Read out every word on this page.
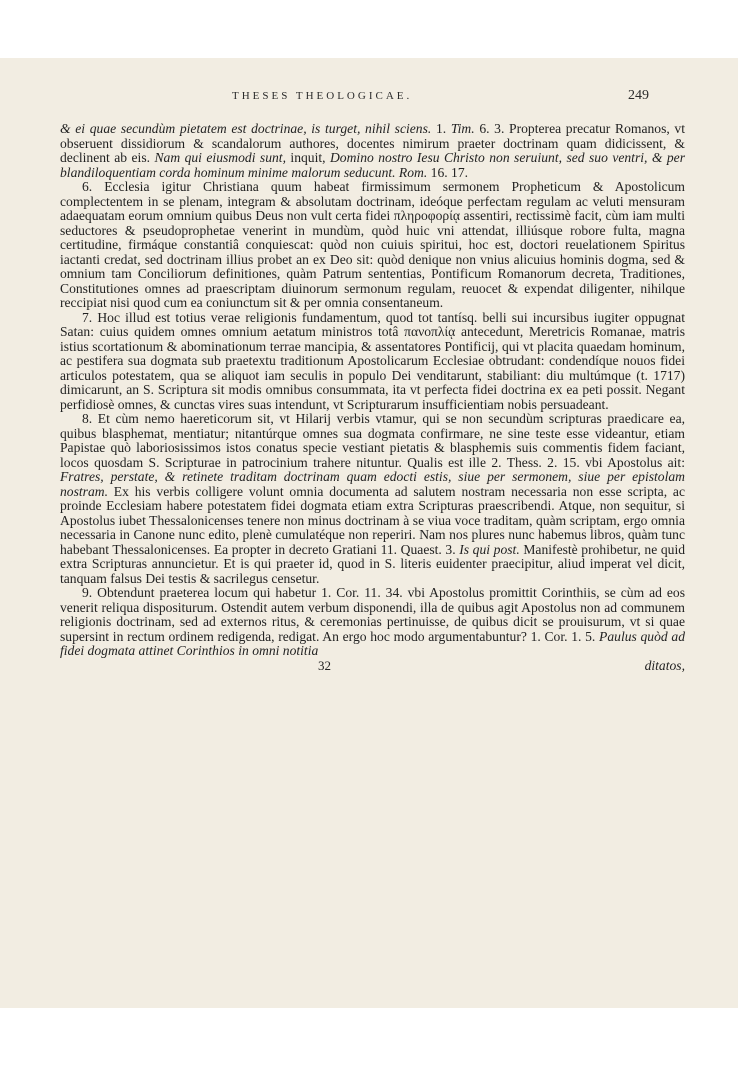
THESES THEOLOGICAE.	249

& ei quae secundùm pietatem est doctrinae, is turget, nihil sciens. 1. Tim. 6. 3. Propterea precatur Romanos, vt obseruent dissidiorum & scandalorum authores, docentes nimirum praeter doctrinam quam didicissent, & declinent ab eis. Nam qui eiusmodi sunt, inquit, Domino nostro Iesu Christo non seruiunt, sed suo ventri, & per blandiloquentiam corda hominum minime malorum seducunt. Rom. 16. 17.

6. Ecclesia igitur Christiana quum habeat firmissimum sermonem Propheticum & Apostolicum complectentem in se plenam, integram & absolutam doctrinam, ideóque perfectam regulam ac veluti mensuram adaequatam eorum omnium quibus Deus non vult certa fidei πληροφορίᾳ assentiri, rectissimè facit, cùm iam multi seductores & pseudoprophetae venerint in mundùm, quòd huic vni attendat, illiúsque robore fulta, magna certitudine, firmáque constantiâ conquiescat: quòd non cuiuis spiritui, hoc est, doctori reuelationem Spiritus iactanti credat, sed doctrinam illius probet an ex Deo sit: quòd denique non vnius alicuius hominis dogma, sed & omnium tam Conciliorum definitiones, quàm Patrum sententias, Pontificum Romanorum decreta, Traditiones, Constitutiones omnes ad praescriptam diuinorum sermonum regulam, reuocet & expendat diligenter, nihilque reccipiat nisi quod cum ea coniunctum sit & per omnia consentaneum.

7. Hoc illud est totius verae religionis fundamentum, quod tot tantísq. belli sui incursibus iugiter oppugnat Satan: cuius quidem omnes omnium aetatum ministros totâ πανοπλίᾳ antecedunt, Meretricis Romanae, matris istius scortationum & abominationum terrae mancipia, & assentatores Pontificij, qui vt placita quaedam hominum, ac pestifera sua dogmata sub praetextu traditionum Apostolicarum Ecclesiae obtrudant: condendíque nouos fidei articulos potestatem, qua se aliquot iam seculis in populo Dei venditarunt, stabiliant: diu multúmque (t. 1717) dimicarunt, an S. Scriptura sit modis omnibus consummata, ita vt perfecta fidei doctrina ex ea peti possit. Negant perfidiosè omnes, & cunctas vires suas intendunt, vt Scripturarum insufficientiam nobis persuadeant.

8. Et cùm nemo haereticorum sit, vt Hilarij verbis vtamur, qui se non secundùm scripturas praedicare ea, quibus blasphemat, mentiatur; nitantúrque omnes sua dogmata confirmare, ne sine teste esse videantur, etiam Papistae quò laboriosissimos istos conatus specie vestiant pietatis & blasphemis suis commentis fidem faciant, locos quosdam S. Scripturae in patrocinium trahere nituntur. Qualis est ille 2. Thess. 2. 15. vbi Apostolus ait: Fratres, perstate, & retinete traditam doctrinam quam edocti estis, siue per sermonem, siue per epistolam nostram. Ex his verbis colligere volunt omnia documenta ad salutem nostram necessaria non esse scripta, ac proinde Ecclesiam habere potestatem fidei dogmata etiam extra Scripturas praescribendi. Atque, non sequitur, si Apostolus iubet Thessalonicenses tenere non minus doctrinam à se viua voce traditam, quàm scriptam, ergo omnia necessaria in Canone nunc edito, plenè cumulatéque non reperiri. Nam nos plures nunc habemus libros, quàm tunc habebant Thessalonicenses. Ea propter in decreto Gratiani 11. Quaest. 3. Is qui post. Manifestè prohibetur, ne quid extra Scripturas annuncietur. Et is qui praeter id, quod in S. literis euidenter praecipitur, aliud imperat vel dicit, tanquam falsus Dei testis & sacrilegus censetur.

9. Obtendunt praeterea locum qui habetur 1. Cor. 11. 34. vbi Apostolus promittit Corinthiis, se cùm ad eos venerit reliqua dispositurum. Ostendit autem verbum disponendi, illa de quibus agit Apostolus non ad communem religionis doctrinam, sed ad externos ritus, & ceremonias pertinuisse, de quibus dicit se prouisurum, vt si quae supersint in rectum ordinem redigenda, redigat. An ergo hoc modo argumentabuntur? 1. Cor. 1. 5. Paulus quòd ad fidei dogmata attinet Corinthios in omni notitia

32	ditatos,
